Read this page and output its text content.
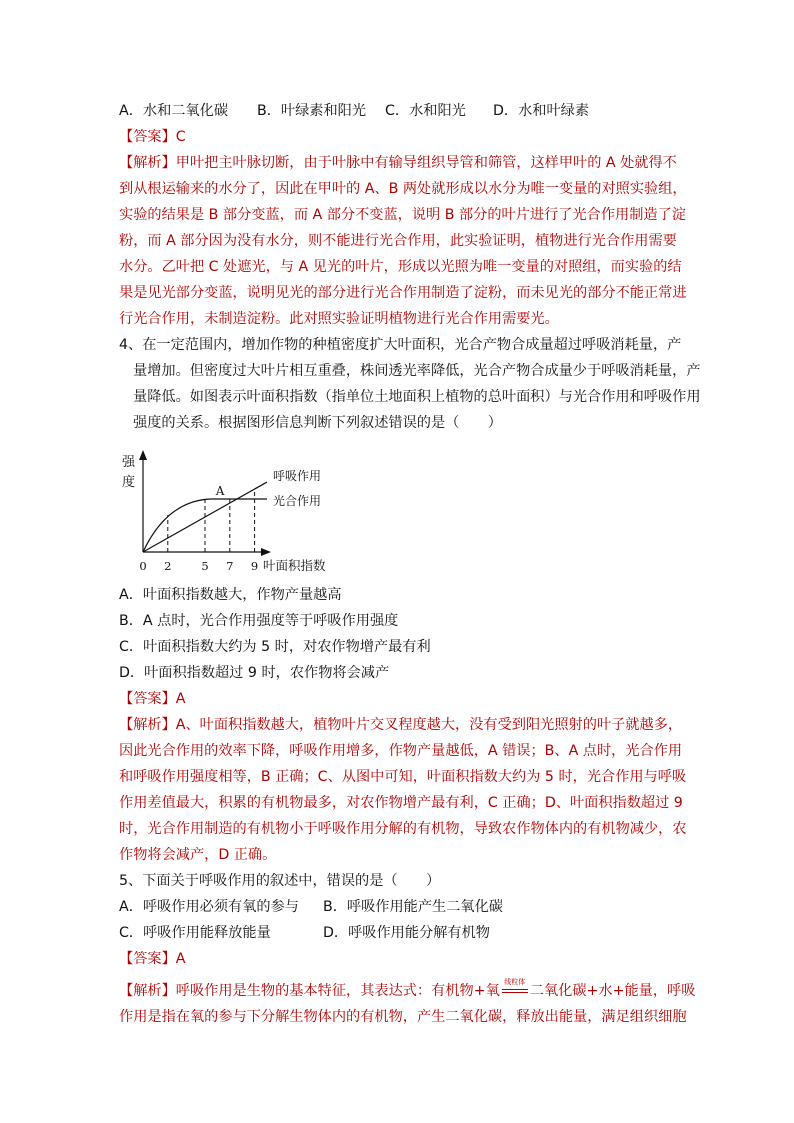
A．水和二氧化碳	B．叶绿素和阳光	C．水和阳光	D．水和叶绿素
【答案】C
【解析】甲叶把主叶脉切断，由于叶脉中有输导组织导管和筛管，这样甲叶的 A 处就得不
到从根运输来的水分了，因此在甲叶的 A、B 两处就形成以水分为唯一变量的对照实验组，
实验的结果是 B 部分变蓝，而 A 部分不变蓝，说明 B 部分的叶片进行了光合作用制造了淀
粉，而 A 部分因为没有水分，则不能进行光合作用，此实验证明，植物进行光合作用需要
水分。乙叶把 C 处遮光，与 A 见光的叶片，形成以光照为唯一变量的对照组，而实验的结
果是见光部分变蓝，说明见光的部分进行光合作用制造了淀粉，而未见光的部分不能正常进
行光合作用，未制造淀粉。此对照实验证明植物进行光合作用需要光。
4、在一定范围内，增加作物的种植密度扩大叶面积，光合产物合成量超过呼吸消耗量，产
量增加。但密度过大叶片相互重叠，株间透光率降低，光合产物合成量少于呼吸消耗量，产
量降低。如图表示叶面积指数（指单位土地面积上植物的总叶面积）与光合作用和呼吸作用
强度的关系。根据图形信息判断下列叙述错误的是（　　）
强
度
0 2	5 7 9 叶面积指数
A
呼吸作用
光合作用
A．叶面积指数越大，作物产量越高
B．A 点时，光合作用强度等于呼吸作用强度
C．叶面积指数大约为 5 时，对农作物增产最有利
D．叶面积指数超过 9 时，农作物将会减产
【答案】A
【解析】A、叶面积指数越大，植物叶片交叉程度越大，没有受到阳光照射的叶子就越多，
因此光合作用的效率下降，呼吸作用增多，作物产量越低，A 错误；B、A 点时，光合作用
和呼吸作用强度相等，B 正确；C、从图中可知，叶面积指数大约为 5 时，光合作用与呼吸
作用差值最大，积累的有机物最多，对农作物增产最有利，C 正确；D、叶面积指数超过 9
时，光合作用制造的有机物小于呼吸作用分解的有机物，导致农作物体内的有机物减少，农
作物将会减产，D 正确。
5、下面关于呼吸作用的叙述中，错误的是（　　）
A．呼吸作用必须有氧的参与	B．呼吸作用能产生二氧化碳
C．呼吸作用能释放能量	D．呼吸作用能分解有机物
【答案】A
【解析】呼吸作用是生物的基本特征，其表达式：有机物+氧
线粒体
二氧化碳+水+能量，呼吸
作用是指在氧的参与下分解生物体内的有机物，产生二氧化碳，释放出能量，满足组织细胞
